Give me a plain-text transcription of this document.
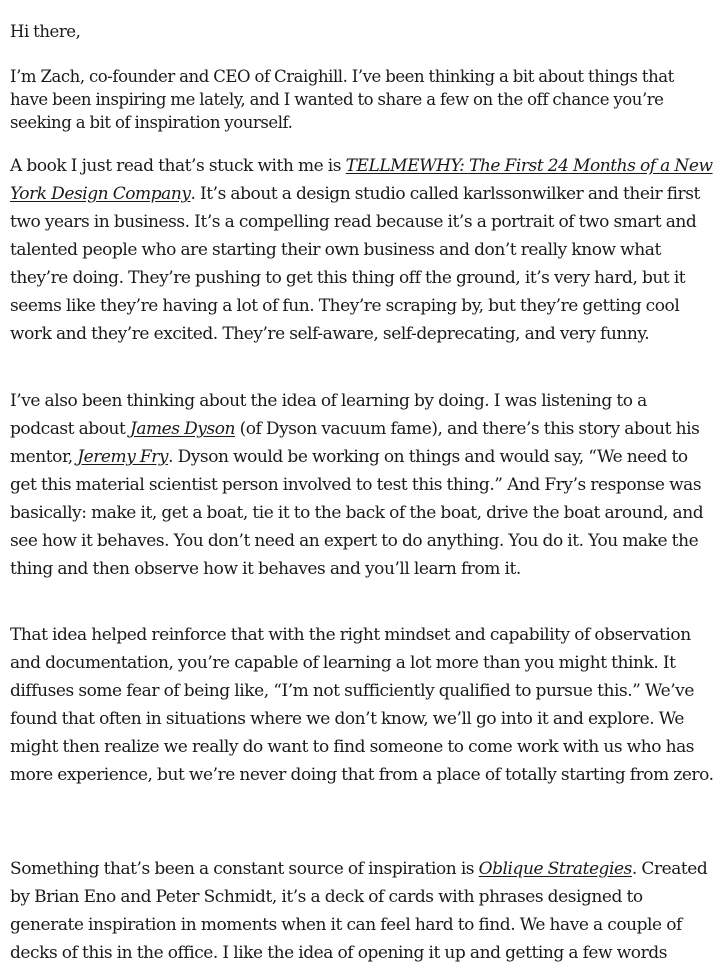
Hi there,

I’m Zach, co-founder and CEO of Craighill. I’ve been thinking a bit about things that have been inspiring me lately, and I wanted to share a few on the off chance you’re seeking a bit of inspiration yourself.

A book I just read that’s stuck with me is TELLMEWHY: The First 24 Months of a New York Design Company. It’s about a design studio called karlssonwilker and their first two years in business. It’s a compelling read because it’s a portrait of two smart and talented people who are starting their own business and don’t really know what they’re doing. They’re pushing to get this thing off the ground, it’s very hard, but it seems like they’re having a lot of fun. They’re scraping by, but they’re getting cool work and they’re excited. They’re self-aware, self-deprecating, and very funny.

I’ve also been thinking about the idea of learning by doing. I was listening to a podcast about James Dyson (of Dyson vacuum fame), and there’s this story about his mentor, Jeremy Fry. Dyson would be working on things and would say, “We need to get this material scientist person involved to test this thing.” And Fry’s response was basically: make it, get a boat, tie it to the back of the boat, drive the boat around, and see how it behaves. You don’t need an expert to do anything. You do it. You make the thing and then observe how it behaves and you’ll learn from it.

That idea helped reinforce that with the right mindset and capability of observation and documentation, you’re capable of learning a lot more than you might think. It diffuses some fear of being like, “I’m not sufficiently qualified to pursue this.” We’ve found that often in situations where we don’t know, we’ll go into it and explore. We might then realize we really do want to find someone to come work with us who has more experience, but we’re never doing that from a place of totally starting from zero.

Something that’s been a constant source of inspiration is Oblique Strategies. Created by Brian Eno and Peter Schmidt, it’s a deck of cards with phrases designed to generate inspiration in moments when it can feel hard to find. We have a couple of decks of this in the office. I like the idea of opening it up and getting a few words
